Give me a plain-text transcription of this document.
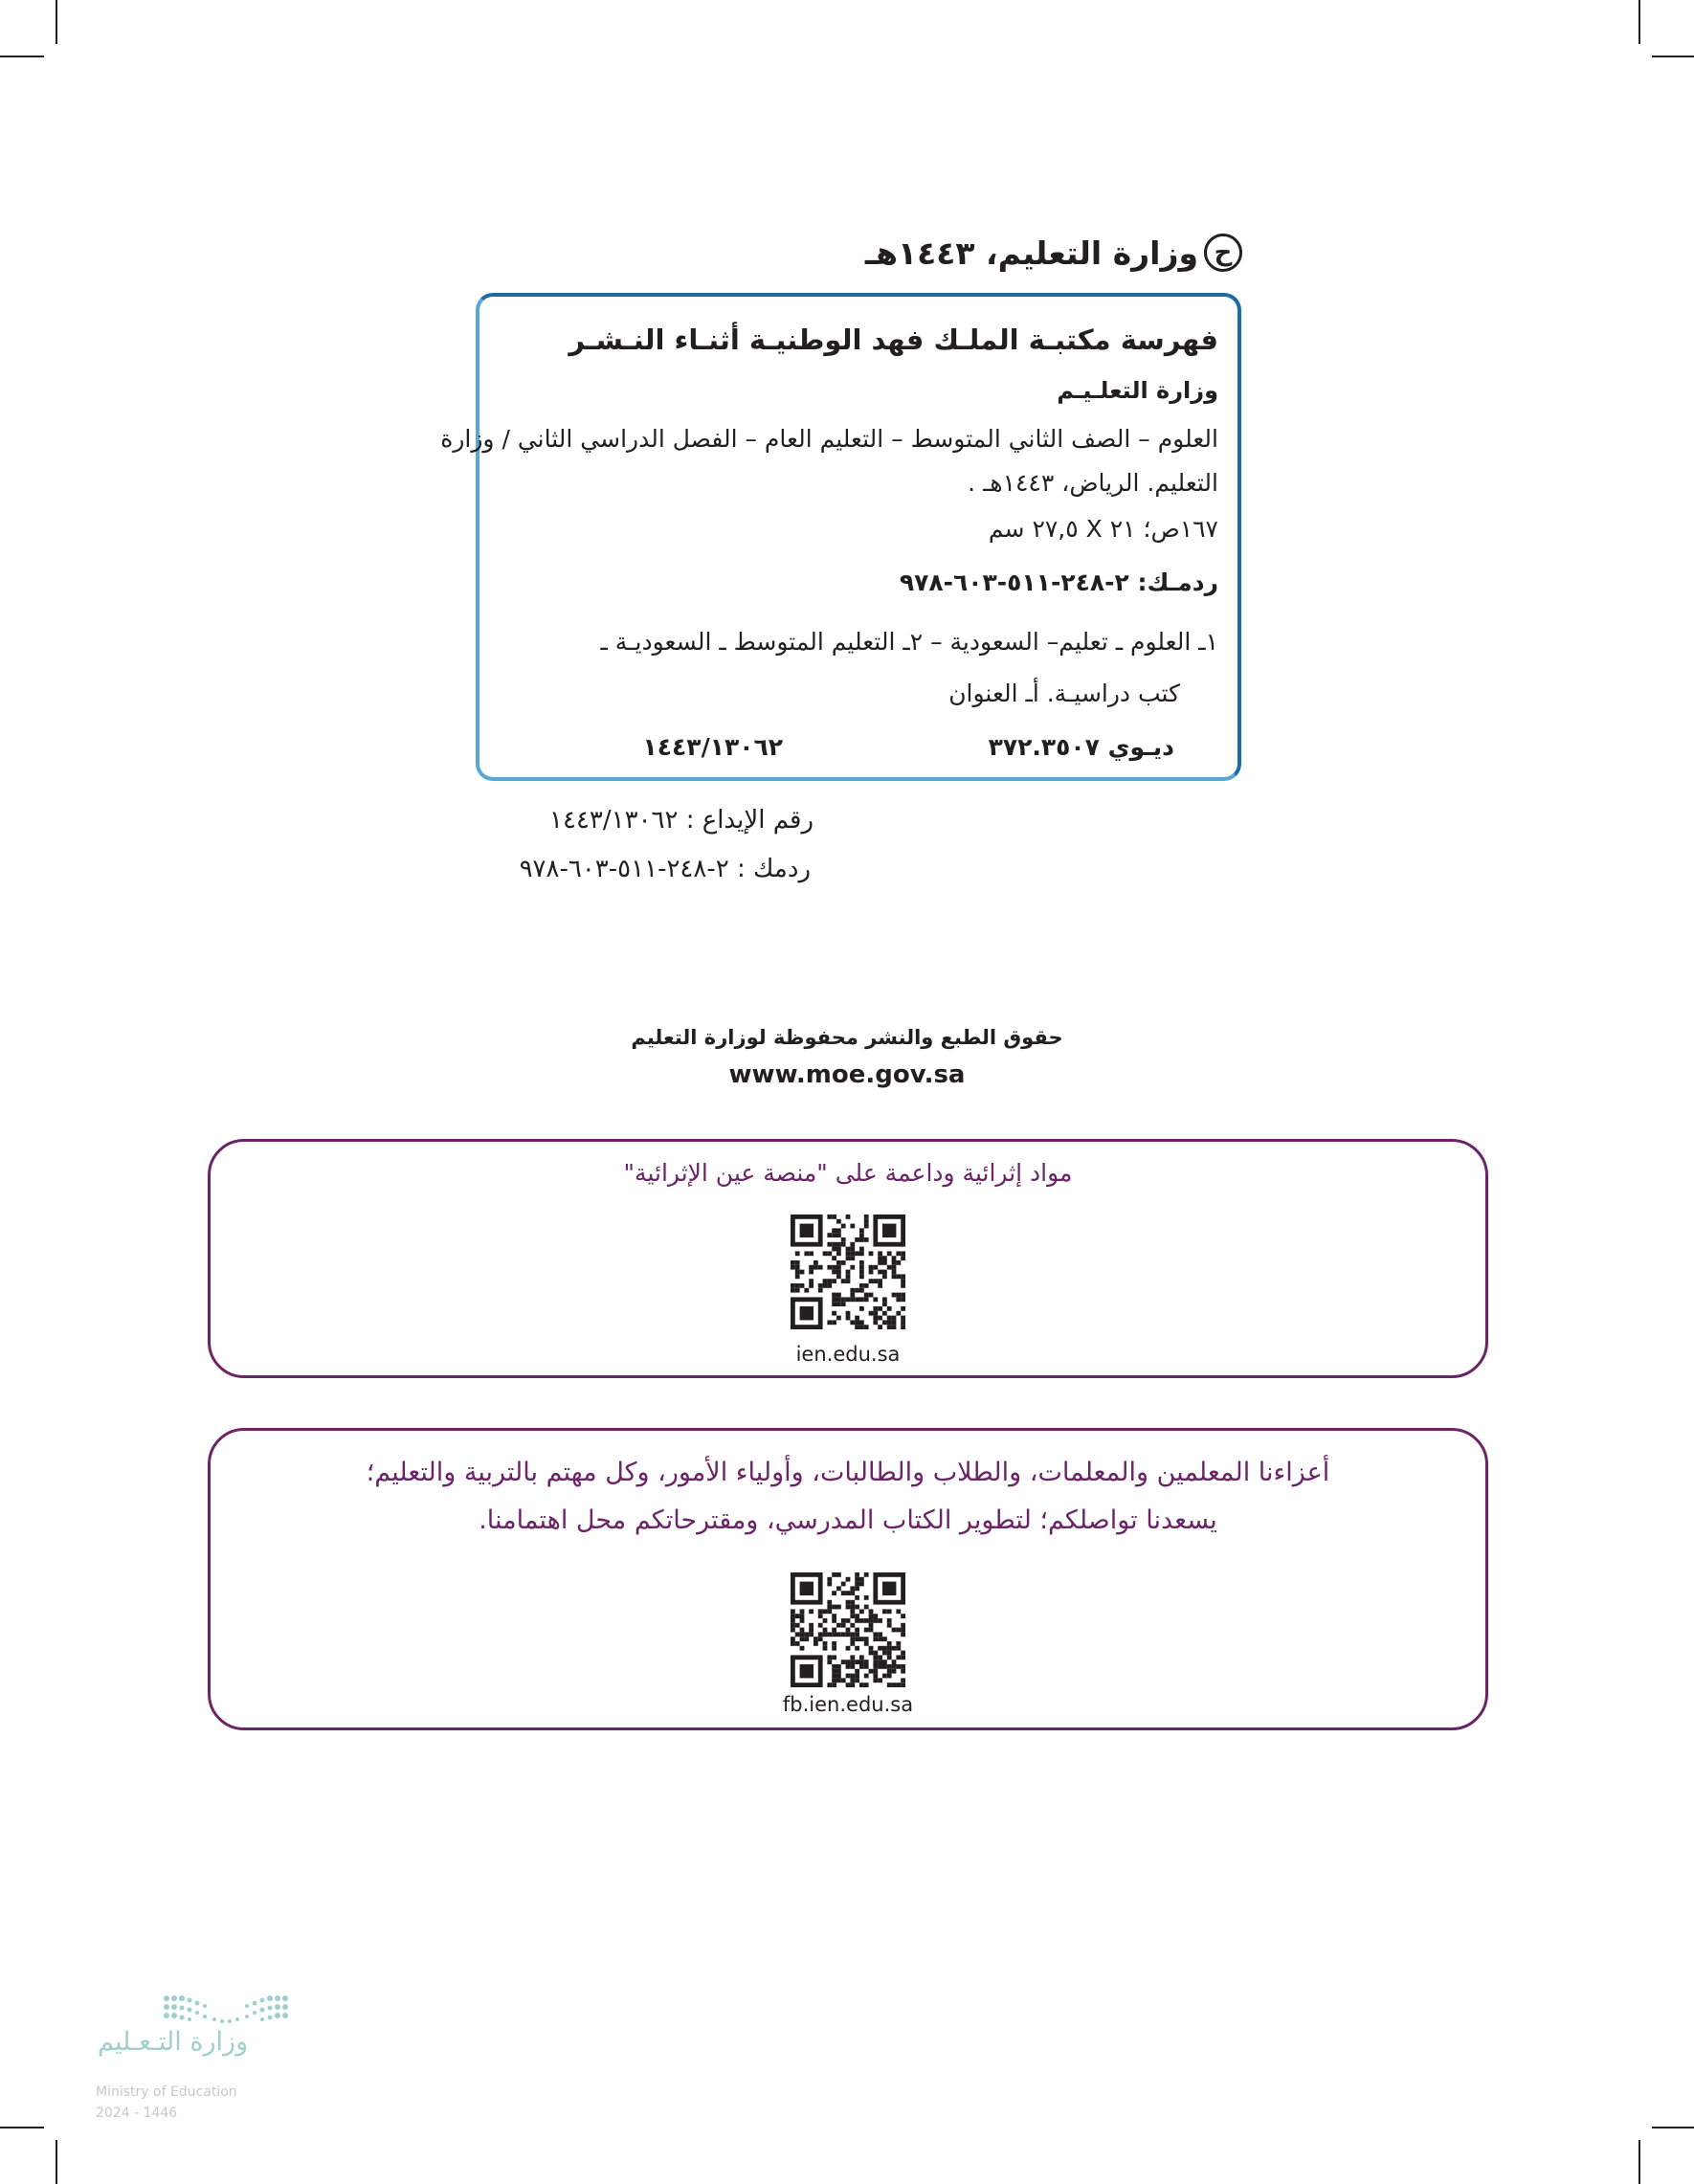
ح
وزارة التعليم، ١٤٤٣هـ
فهرسة مكتبـة الملـك فهد الوطنيـة أثنـاء النـشـر
وزارة التعلـيـم
العلوم – الصف الثاني المتوسط – التعليم العام – الفصل الدراسي الثاني / وزارة
التعليم. الرياض، ١٤٤٣هـ .
١٦٧ص؛ ٢١ X ٢٧,٥ سم
ردمـك: ٢-٢٤٨-٥١١-٦٠٣-٩٧٨
١ـ العلوم ـ تعليم– السعودية – ٢ـ التعليم المتوسط ـ السعوديـة ـ
كتب دراسيـة. أـ العنوان
ديـوي ٣٧٢.٣٥٠٧
١٤٤٣/١٣٠٦٢
رقم الإيداع : ١٤٤٣/١٣٠٦٢
ردمك : ٢-٢٤٨-٥١١-٦٠٣-٩٧٨
حقوق الطبع والنشر محفوظة لوزارة التعليم
www.moe.gov.sa
مواد إثرائية وداعمة على "منصة عين الإثرائية"
ien.edu.sa
أعزاءنا المعلمين والمعلمات، والطلاب والطالبات، وأولياء الأمور، وكل مهتم بالتربية والتعليم؛
يسعدنا تواصلكم؛ لتطوير الكتاب المدرسي، ومقترحاتكم محل اهتمامنا.
fb.ien.edu.sa
وزارة التـعـليم
Ministry of Education
2024 - 1446
